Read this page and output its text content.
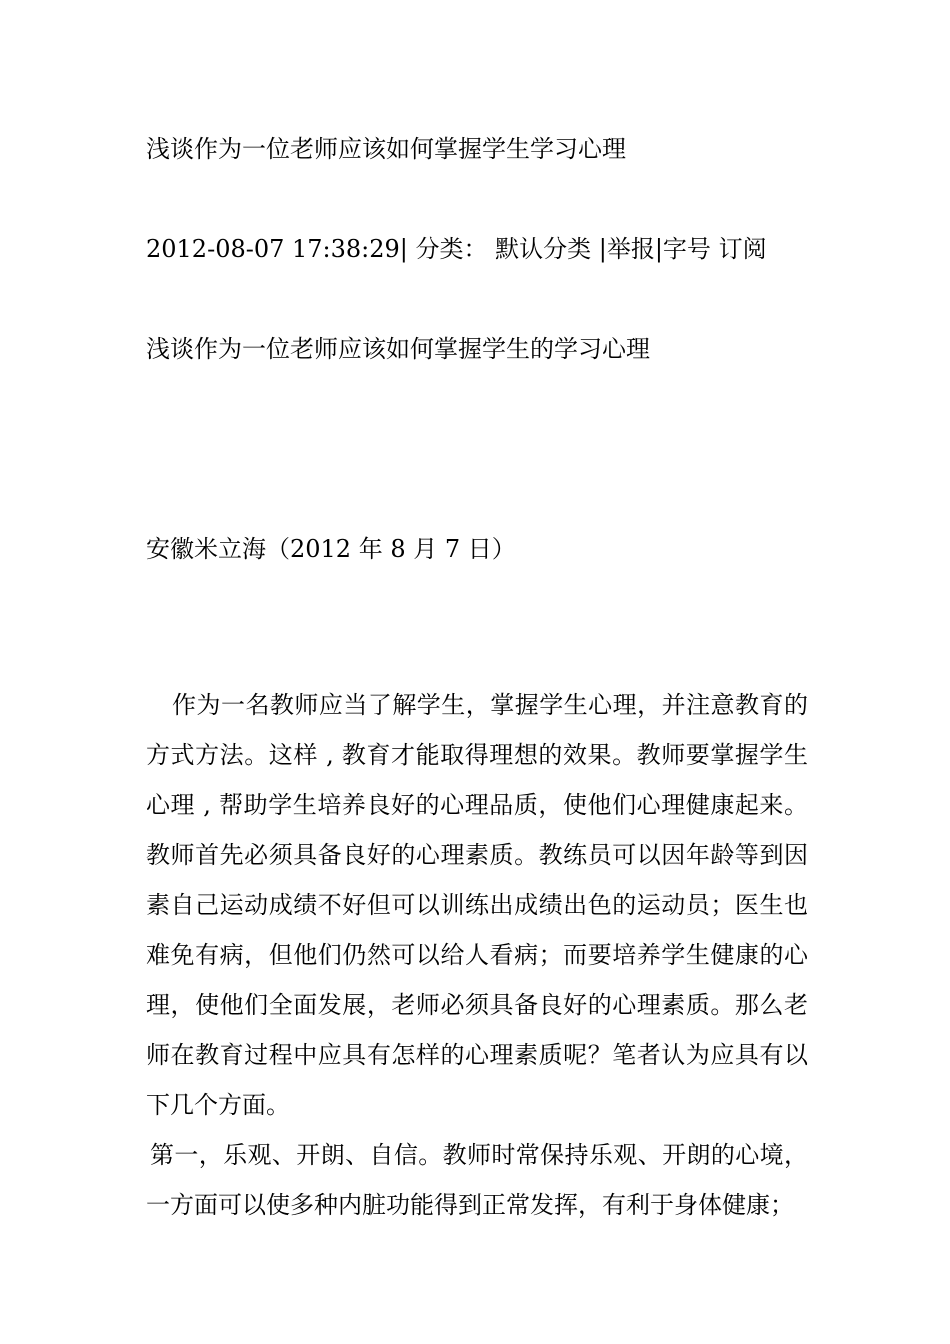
浅谈作为一位老师应该如何掌握学生学习心理
2012-08-07 17:38:29| 分类： 默认分类 |举报|字号 订阅
浅谈作为一位老师应该如何掌握学生的学习心理
安徽米立海（2012 年 8 月 7 日）

作为一名教师应当了解学生，掌握学生心理，并注意教育的方式方法。这样 , 教育才能取得理想的效果。教师要掌握学生心理 , 帮助学生培养良好的心理品质，使他们心理健康起来。教师首先必须具备良好的心理素质。教练员可以因年龄等到因素自己运动成绩不好但可以训练出成绩出色的运动员；医生也难免有病，但他们仍然可以给人看病；而要培养学生健康的心理，使他们全面发展，老师必须具备良好的心理素质。那么老师在教育过程中应具有怎样的心理素质呢？笔者认为应具有以下几个方面。

第一，乐观、开朗、自信。教师时常保持乐观、开朗的心境，一方面可以使多种内脏功能得到正常发挥，有利于身体健康；
